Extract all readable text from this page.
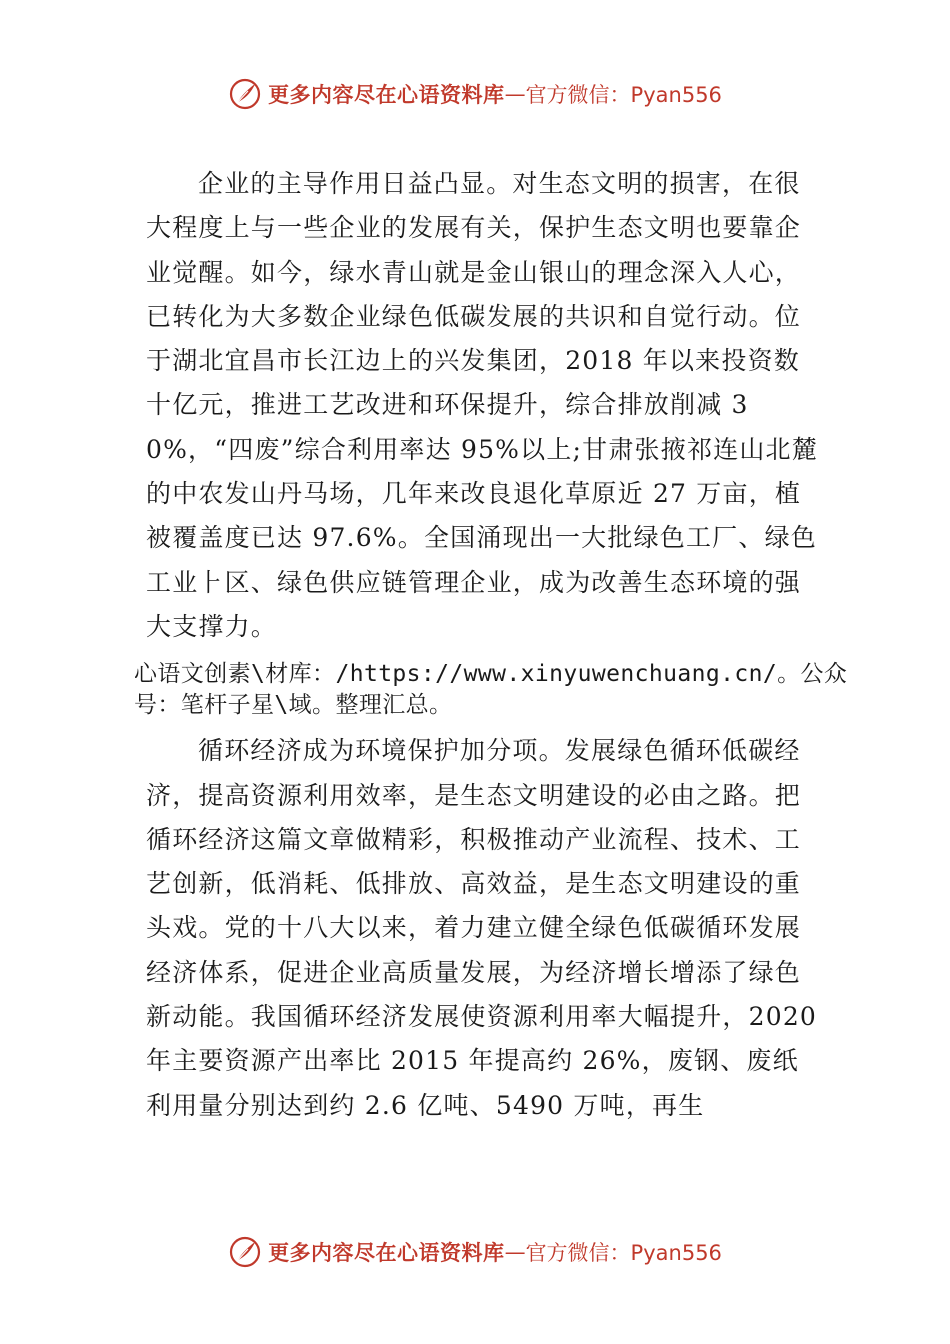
更多内容尽在心语资料库 — 官方微信：Pyan556

企业的主导作用日益凸显。对生态文明的损害，在很大程度上与一些企业的发展有关，保护生态文明也要靠企业觉醒。如今，绿水青山就是金山银山的理念深入人心，已转化为大多数企业绿色低碳发展的共识和自觉行动。位于湖北宜昌市长江边上的兴发集团，2018 年以来投资数十亿元，推进工艺改进和环保提升，综合排放削减 30%，“四废”综合利用率达 95%以上;甘肃张掖祁连山北麓的中农发山丹马场，几年来改良退化草原近 27 万亩，植被覆盖度已达 97.6%。全国涌现出一大批绿色工厂、绿色工业⺊区、绿色供应链管理企业，成为改善生态环境的强大支撑力。

心语文创素\材库：/https://www.xinyuwenchuang.cn/。公众号：笔杆子星\域。整理汇总。

循环经济成为环境保护加分项。发展绿色循环低碳经济，提高资源利用效率，是生态文明建设的必由之路。把循环经济这篇文章做精彩，积极推动产业流程、技术、工艺创新，低消耗、低排放、高效益，是生态文明建设的重头戏。党的十八大以来，着力建立健全绿色低碳循环发展经济体系，促进企业高质量发展，为经济增长增添了绿色新动能。我国循环经济发展使资源利用率大幅提升，2020 年主要资源产出率比 2015 年提高约 26%，废钢、废纸利用量分别达到约 2.6 亿吨、5490 万吨，再生

更多内容尽在心语资料库 — 官方微信：Pyan556
